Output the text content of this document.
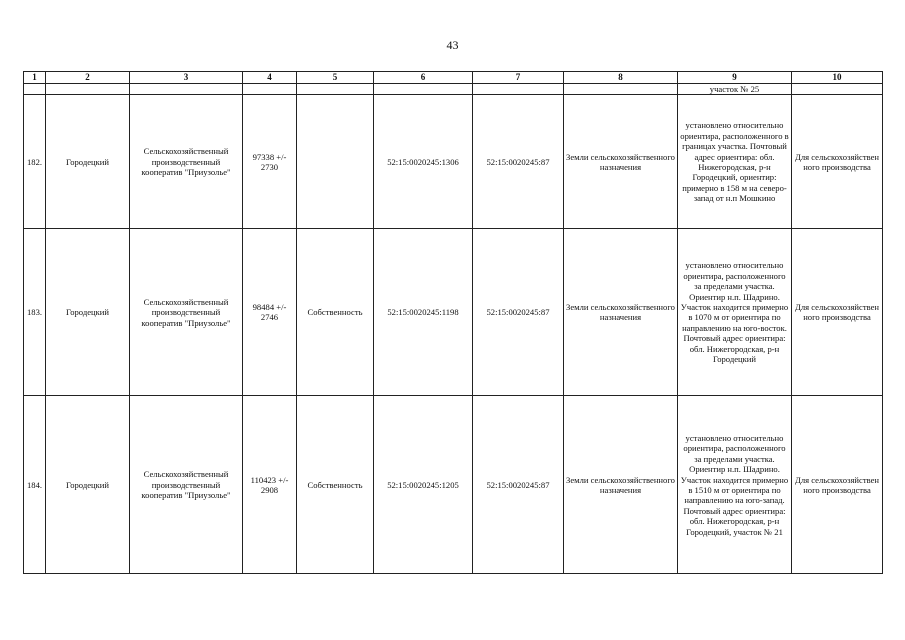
43
1	2	3	4	5	6	7	8	9	10
								участок № 25	
182.	Городецкий	Сельскохозяйственный производственный кооператив "Приузолье"	97338 +/- 2730		52:15:0020245:1306	52:15:0020245:87	Земли сельскохозяйственного назначения	установлено относительно ориентира, расположенного в границах участка. Почтовый адрес ориентира: обл. Нижегородская, р-н Городецкий, ориентир: примерно в 158 м на северо-запад от н.п Мошкино	Для сельскохозяйствен ного производства
183.	Городецкий	Сельскохозяйственный производственный кооператив "Приузолье"	98484 +/- 2746	Собственность	52:15:0020245:1198	52:15:0020245:87	Земли сельскохозяйственного назначения	установлено относительно ориентира, расположенного за пределами участка. Ориентир н.п. Шадрино. Участок находится примерно в 1070 м от ориентира по направлению на юго-восток. Почтовый адрес ориентира: обл. Нижегородская, р-н Городецкий	Для сельскохозяйствен ного производства
184.	Городецкий	Сельскохозяйственный производственный кооператив "Приузолье"	110423 +/- 2908	Собственность	52:15:0020245:1205	52:15:0020245:87	Земли сельскохозяйственного назначения	установлено относительно ориентира, расположенного за пределами участка. Ориентир н.п. Шадрино. Участок находится примерно в 1510 м от ориентира по направлению на юго-запад. Почтовый адрес ориентира: обл. Нижегородская, р-н Городецкий, участок № 21	Для сельскохозяйствен ного производства
